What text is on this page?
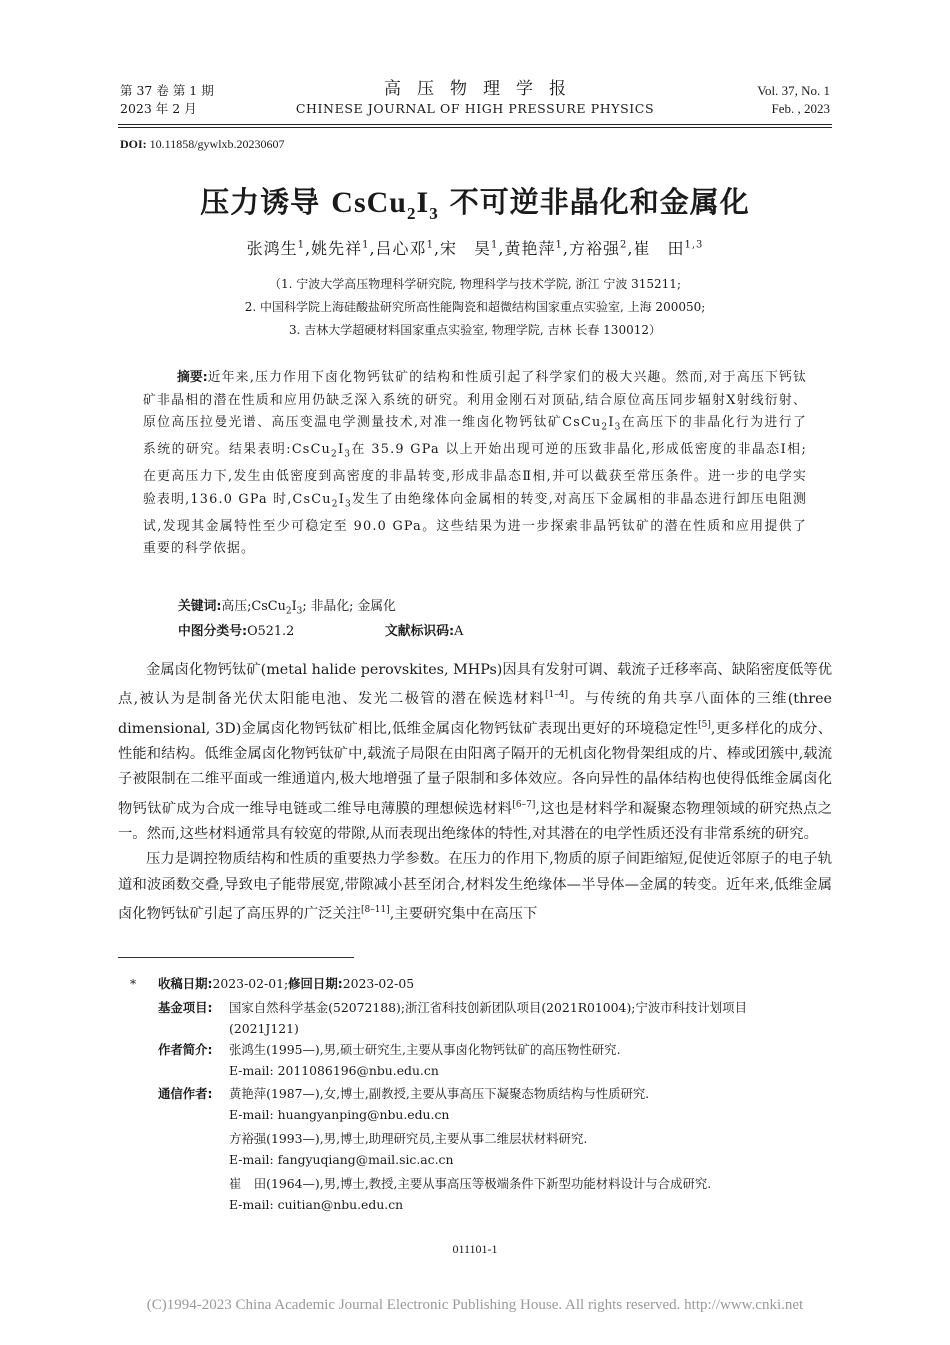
第 37 卷 第 1 期
2023 年 2 月
高压物理学报
CHINESE JOURNAL OF HIGH PRESSURE PHYSICS
Vol. 37, No. 1
Feb. , 2023
DOI: 10.11858/gywlxb.20230607
压力诱导 $CsCu_2I_3$ 不可逆非晶化和金属化
张鸿生$^1$,姚先祥$^1$,吕心邓$^1$,宋　昊$^1$,黄艳萍$^1$,方裕强$^2$,崔　田$^{1,3}$
（1. 宁波大学高压物理科学研究院, 物理科学与技术学院, 浙江 宁波 315211;
2. 中国科学院上海硅酸盐研究所高性能陶瓷和超微结构国家重点实验室, 上海 200050;
3. 吉林大学超硬材料国家重点实验室, 物理学院, 吉林 长春 130012）
摘要:近年来,压力作用下卤化物钙钛矿的结构和性质引起了科学家们的极大兴趣。然而,对于高压下钙钛矿非晶相的潜在性质和应用仍缺乏深入系统的研究。利用金刚石对顶砧,结合原位高压同步辐射X射线衍射、原位高压拉曼光谱、高压变温电学测量技术,对准一维卤化物钙钛矿$CsCu_2I_3$在高压下的非晶化行为进行了系统的研究。结果表明$:CsCu_2I_3$在 35.9 GPa 以上开始出现可逆的压致非晶化,形成低密度的非晶态Ⅰ相;在更高压力下,发生由低密度到高密度的非晶转变,形成非晶态Ⅱ相,并可以截获至常压条件。进一步的电学实验表明,136.0 GPa 时$,CsCu_2I_3$发生了由绝缘体向金属相的转变,对高压下金属相的非晶态进行卸压电阻测试,发现其金属特性至少可稳定至 90.0 GPa。这些结果为进一步探索非晶钙钛矿的潜在性质和应用提供了重要的科学依据。
关键词:高压$;CsCu_2I_3$; 非晶化; 金属化
中图分类号:O521.2	文献标识码:A

金属卤化物钙钛矿(metal halide perovskites, MHPs)因具有发射可调、载流子迁移率高、缺陷密度低等优点,被认为是制备光伏太阳能电池、发光二极管的潜在候选材料[1–4]。与传统的角共享八面体的三维(three dimensional, 3D)金属卤化物钙钛矿相比,低维金属卤化物钙钛矿表现出更好的环境稳定性[5],更多样化的成分、性能和结构。低维金属卤化物钙钛矿中,载流子局限在由阳离子隔开的无机卤化物骨架组成的片、棒或团簇中,载流子被限制在二维平面或一维通道内,极大地增强了量子限制和多体效应。各向异性的晶体结构也使得低维金属卤化物钙钛矿成为合成一维导电链或二维导电薄膜的理想候选材料[6–7],这也是材料学和凝聚态物理领域的研究热点之一。然而,这些材料通常具有较宽的带隙,从而表现出绝缘体的特性,对其潜在的电学性质还没有非常系统的研究。

压力是调控物质结构和性质的重要热力学参数。在压力的作用下,物质的原子间距缩短,促使近邻原子的电子轨道和波函数交叠,导致电子能带展宽,带隙减小甚至闭合,材料发生绝缘体—半导体—金属的转变。近年来,低维金属卤化物钙钛矿引起了高压界的广泛关注[8–11],主要研究集中在高压下

* 收稿日期:2023-02-01;修回日期:2023-02-05
基金项目: 国家自然科学基金(52072188);浙江省科技创新团队项目(2021R01004);宁波市科技计划项目
(2021J121)
作者简介: 张鸿生(1995—),男,硕士研究生,主要从事卤化物钙钛矿的高压物性研究.
E-mail: 2011086196@nbu.edu.cn
通信作者: 黄艳萍(1987—),女,博士,副教授,主要从事高压下凝聚态物质结构与性质研究.
E-mail: huangyanping@nbu.edu.cn
方裕强(1993—),男,博士,助理研究员,主要从事二维层状材料研究.
E-mail: fangyuqiang@mail.sic.ac.cn
崔　田(1964—),男,博士,教授,主要从事高压等极端条件下新型功能材料设计与合成研究.
E-mail: cuitian@nbu.edu.cn
011101-1
(C)1994-2023 China Academic Journal Electronic Publishing House. All rights reserved. http://www.cnki.net
